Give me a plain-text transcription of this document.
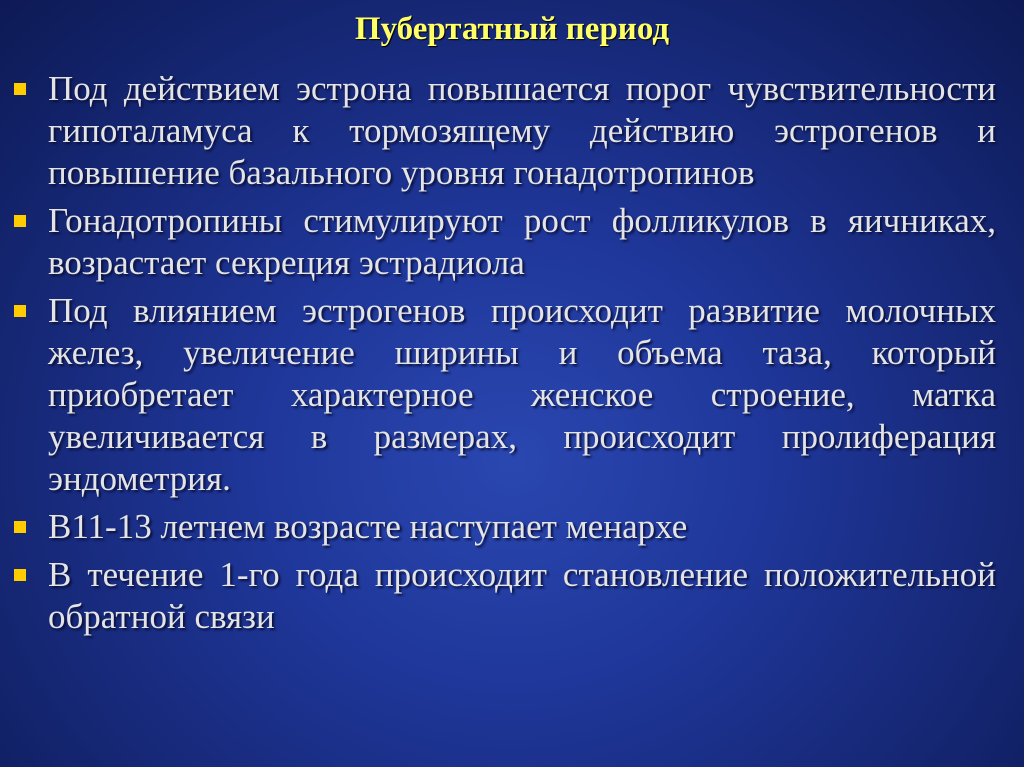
Пубертатный период
Под действием эстрона повышается порог чувствительности гипоталамуса к тормозящему действию эстрогенов и повышение базального уровня гонадотропинов
Гонадотропины стимулируют рост фолликулов в яичниках, возрастает секреция эстрадиола
Под влиянием эстрогенов происходит развитие молочных желез, увеличение ширины и объема таза, который приобретает характерное женское строение, матка увеличивается в размерах, происходит пролиферация эндометрия.
В11-13 летнем возрасте наступает менархе
В течение 1-го года происходит становление положительной обратной связи
